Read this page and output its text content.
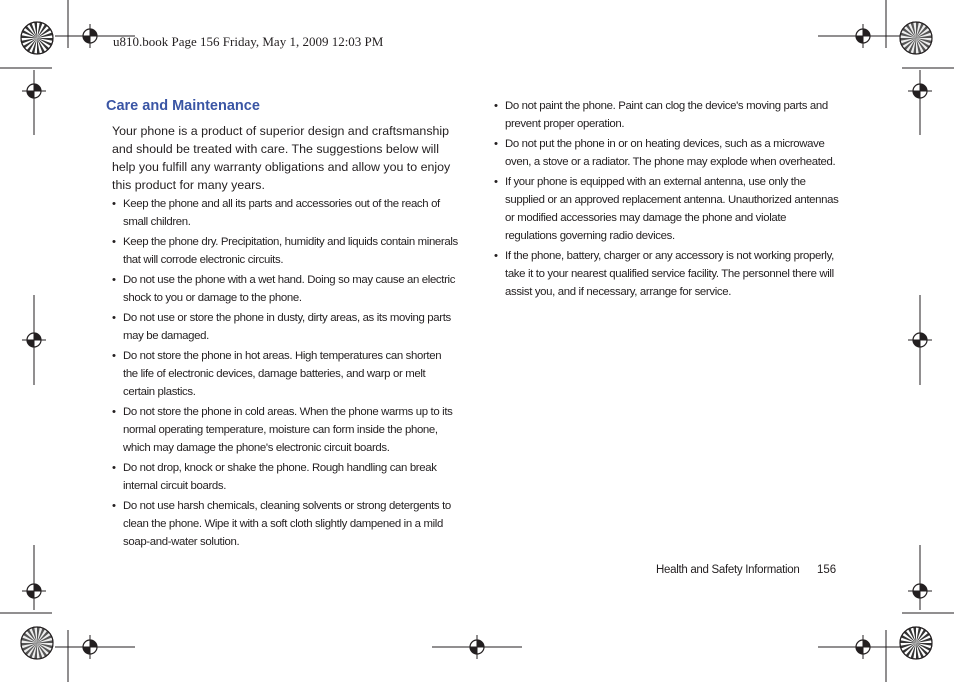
u810.book Page 156 Friday, May 1, 2009 12:03 PM
Care and Maintenance

Your phone is a product of superior design and craftsmanship and should be treated with care. The suggestions below will help you fulfill any warranty obligations and allow you to enjoy this product for many years.

• Keep the phone and all its parts and accessories out of the reach of small children.
• Keep the phone dry. Precipitation, humidity and liquids contain minerals that will corrode electronic circuits.
• Do not use the phone with a wet hand. Doing so may cause an electric shock to you or damage to the phone.
• Do not use or store the phone in dusty, dirty areas, as its moving parts may be damaged.
• Do not store the phone in hot areas. High temperatures can shorten the life of electronic devices, damage batteries, and warp or melt certain plastics.
• Do not store the phone in cold areas. When the phone warms up to its normal operating temperature, moisture can form inside the phone, which may damage the phone's electronic circuit boards.
• Do not drop, knock or shake the phone. Rough handling can break internal circuit boards.
• Do not use harsh chemicals, cleaning solvents or strong detergents to clean the phone. Wipe it with a soft cloth slightly dampened in a mild soap-and-water solution.
• Do not paint the phone. Paint can clog the device's moving parts and prevent proper operation.
• Do not put the phone in or on heating devices, such as a microwave oven, a stove or a radiator. The phone may explode when overheated.
• If your phone is equipped with an external antenna, use only the supplied or an approved replacement antenna. Unauthorized antennas or modified accessories may damage the phone and violate regulations governing radio devices.
• If the phone, battery, charger or any accessory is not working properly, take it to your nearest qualified service facility. The personnel there will assist you, and if necessary, arrange for service.
Health and Safety Information 156
